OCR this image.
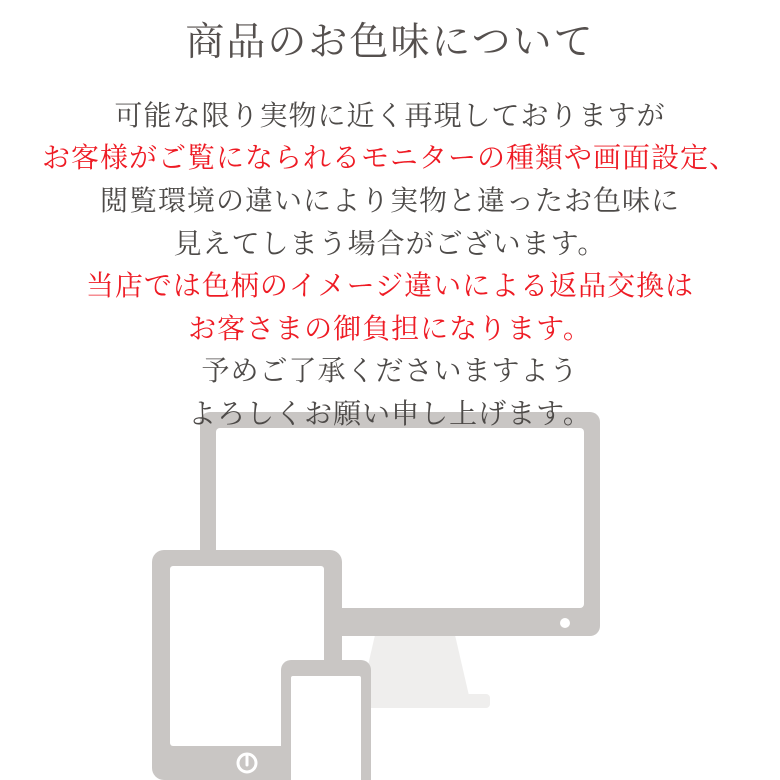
商品のお色味について
可能な限り実物に近く再現しておりますが
お客様がご覧になられるモニターの種類や画面設定、
閲覧環境の違いにより実物と違ったお色味に
見えてしまう場合がございます。
当店では色柄のイメージ違いによる返品交換は
お客さまの御負担になります。
予めご了承くださいますよう
よろしくお願い申し上げます。
